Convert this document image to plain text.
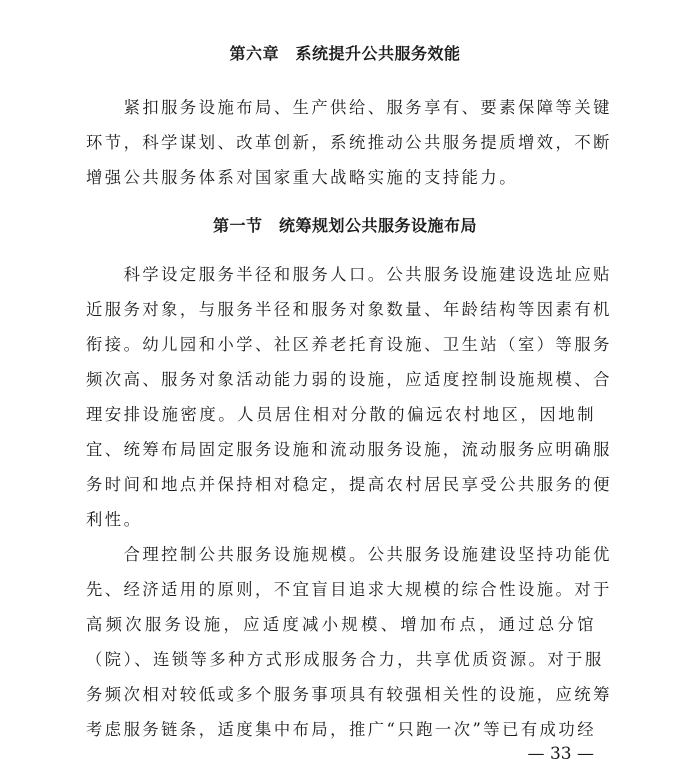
第六章　系统提升公共服务效能
　　紧扣服务设施布局、生产供给、服务享有、要素保障等关键
环节，科学谋划、改革创新，系统推动公共服务提质增效，不断
增强公共服务体系对国家重大战略实施的支持能力。
第一节　统筹规划公共服务设施布局
　　科学设定服务半径和服务人口。公共服务设施建设选址应贴
近服务对象，与服务半径和服务对象数量、年龄结构等因素有机
衔接。幼儿园和小学、社区养老托育设施、卫生站（室）等服务
频次高、服务对象活动能力弱的设施，应适度控制设施规模、合
理安排设施密度。人员居住相对分散的偏远农村地区，因地制
宜、统筹布局固定服务设施和流动服务设施，流动服务应明确服
务时间和地点并保持相对稳定，提高农村居民享受公共服务的便
利性。
　　合理控制公共服务设施规模。公共服务设施建设坚持功能优
先、经济适用的原则，不宜盲目追求大规模的综合性设施。对于
高频次服务设施，应适度减小规模、增加布点，通过总分馆
（院）、连锁等多种方式形成服务合力，共享优质资源。对于服
务频次相对较低或多个服务事项具有较强相关性的设施，应统筹
考虑服务链条，适度集中布局，推广“只跑一次”等已有成功经
— 33 —
